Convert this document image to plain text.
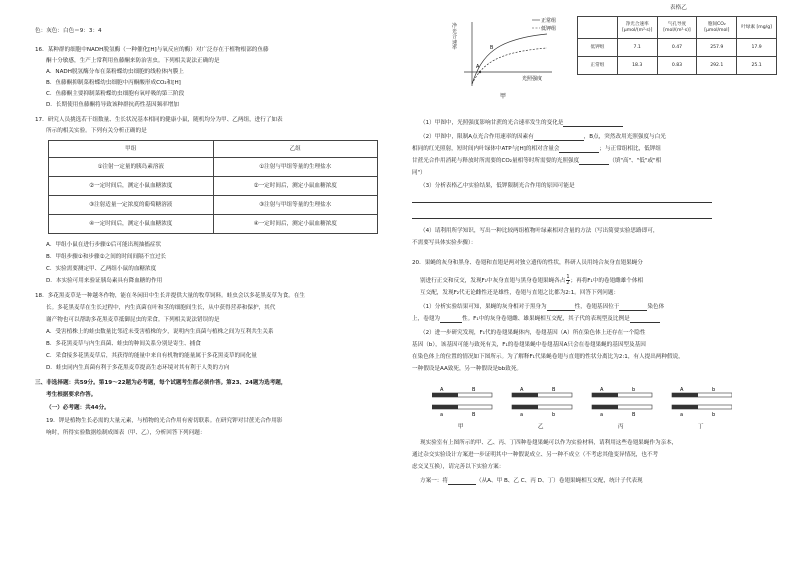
色：灰色：白色＝9：3：4
16．某种群的细胞中NADH脱氢酶（一种催化[H]与氧反应的酶）对广泛存在于植物根部的鱼藤
酮十分敏感，生产上常利用鱼藤酮来防治害虫。下列相关说法正确的是
A．NADH脱氢酶分布在菜粉蝶幼虫细胞的线粒体内膜上
B．鱼藤酮抑制菜粉蝶幼虫细胞中丙酮酸形成CO₂和[H]
C．鱼藤酮主要抑制菜粉蝶幼虫细胞有氧呼吸的第三阶段
D．长期使用鱼藤酮将导致该种群抗药性基因频率增加
17．研究人员挑选若干组数量、生长状况基本相同的健康小鼠，随机均分为甲、乙两组，进行了如表
所示的相关实验。下列有关分析正确的是
甲组	乙组
①注射一定量的胰岛素溶液	①注射与甲组等量的生理盐水
②一定时间后，测定小鼠血糖浓度	②一定时间后，测定小鼠血糖浓度
③注射适量一定浓度的葡萄糖溶液	③注射与甲组等量的生理盐水
④一定时间后，测定小鼠血糖浓度	④一定时间后，测定小鼠血糖浓度
A．甲组小鼠在进行步骤①后可能出现抽搐症状
B．甲组步骤①和步骤②之间的时间间隔不宜过长
C．实验需要测定甲、乙两组小鼠的血糖浓度
D．本实验可用来验证胰岛素具有降血糖的作用
18．多花黑麦草是一种越冬作物，能在冬闲田中生长并提供大量的牧草饲料。蛙虫会以多花黑麦草为食。在生
长。多花黑麦草在生长过程中，内生真菌在叶和茎的细胞间生长，从中获得营养和保护，其代
谢产物也可以帮助多花黑麦草抵御昆虫的采食。下列相关说法错误的是
A．受害植株上的蛙虫数量比邻近未受害植株的少，说明内生真菌与植株之间为互利共生关系
B．多花黑麦草与内生真菌、蛙虫的种间关系分别是寄生、捕食
C．采食接多花黑麦草后，其获得的能量中来自有机物的能量属于多花黑麦草的同化量
D．蛙虫同内生真菌有利于多花黑麦草提高生态环境对其有利于人类的方向
三、非选择题：共59分。第19～22题为必考题，每个试题考生都必须作答。第23、24题为选考题，
考生根据要求作答。
（一）必考题：共44分。
19．钾是植物生长必需的大量元素，与植物的光合作用有密切联系。在研究钾对甘蔗光合作用影
响时，所得实验数据绘制成图表（甲、乙），分析回答下列问题：
A
B
正常组
低钾组
光照强度
甲
净光合速率
表格乙
	净光合速率 [μmol/(m²·s)]	气孔导度 [mol/(m²·s)]	胞间CO₂ [μmol/mol]	叶绿素 [mg/g]
低钾组	7.1	0.47	257.9	17.9
正常组	18.3	0.83	292.1	25.1
（1）甲图中，光照强度影响甘蔗的光合速率发生的变化是
（2）甲图中，限制A点光合作用速率的因素有	，B点，突然改用光照强度与白光
相同的红光照射，短时间内叶绿体中ATP与[H]的相对含量会	；与正常组相比，低钾组
甘蔗光合作用消耗与释放时所需要的CO₂量相等时所需要的光照强度	（填"高"、"低"或"相
同"）
（3）分析表格乙中实验结果，低钾限制光合作用的原因可能是
（4）请利用所学知识，写出一种比较两组植物叶绿素相对含量的方法（写出简要实验思路即可，
不需要写具体实验步骤）：
20．果蝇的灰身和黑身、卷翅和直翅是两对独立遗传的性状，科研人员用纯合灰身直翅果蝇分
别进行正交和反交，发现F₁中灰身直翅与黑身卷翅果蝇各占 $\frac{1}{2}$ ；再将F₁中的卷翅雌雄个体相
互交配，发现F₂代无论雌性还是雄性，卷翅与直翅之比都为2:1。回答下列问题：
（1）分析实验结果可知，果蝇的灰身相对于黑身为	性，卷翅基因位于	染色体
上，卷翅为	性。F₁中的灰身卷翅雌、雄果蝇相互交配，其子代的表现型及比例是
（2）进一步研究发现，F₁代的卷翅果蝇体内，卷翅基因（A）所在染色体上还存在一个隐性
基因（b），该基因可能与致死有关，F₁的卷翅果蝇中卷翅基因A只会在卷翅果蝇的基因型及基因
在染色体上的位置的情况如下图所示。为了解释F₁代果蝇卷翅与直翅的性状分离比为2:1，有人提出两种假说，
一种假设是AA致死，另一种假设是bb致死。
A	B
a	B
甲
A	B
a	b
乙
A	b
a	B
丙
A	b
a	b
丁
现实验室有上图所示的甲、乙、丙、丁四种卷翅果蝇可以作为实验材料，请利用这些卷翅果蝇作为亲本，
通过杂交实验设计方案进一步证明其中一种假说成立、另一种不成立（不考虑其他变异情况，也不考
虑交叉互换），请完善以下实验方案：
方案一：将	（从A、甲 B、乙 C、丙 D、丁）卷翅果蝇相互交配，统计子代表现
